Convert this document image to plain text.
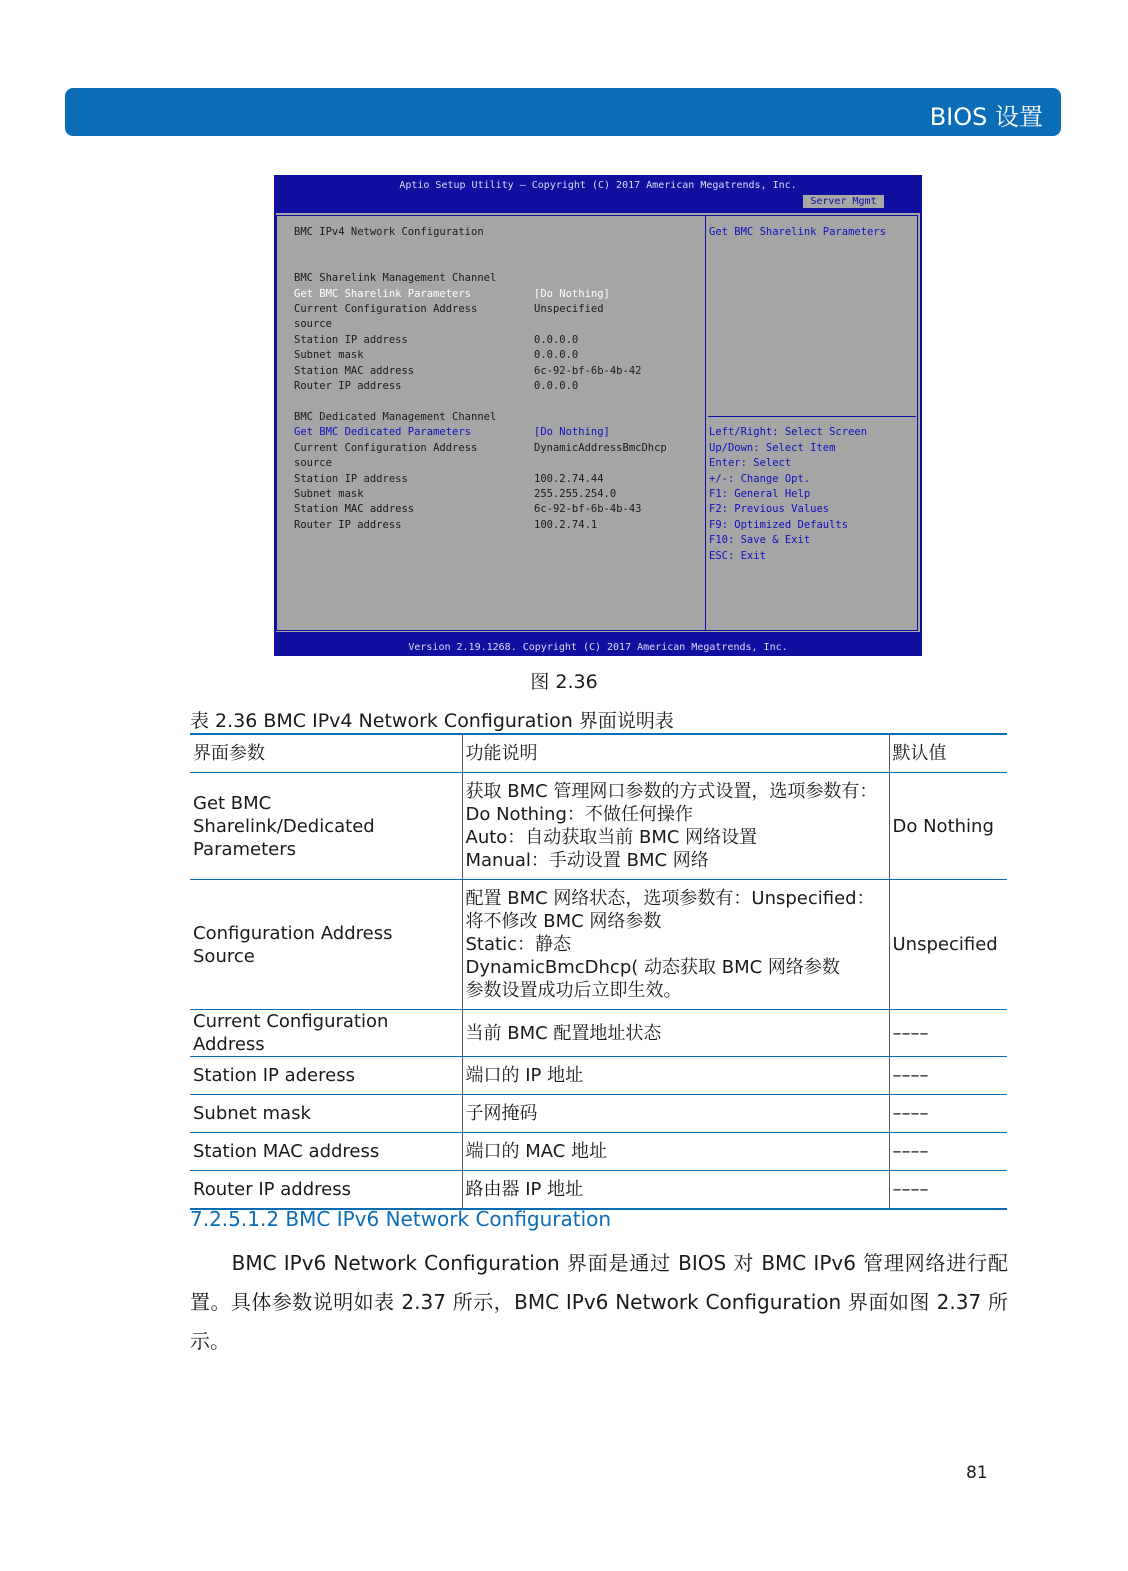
BIOS 设置
Aptio Setup Utility – Copyright (C) 2017 American Megatrends, Inc.
Server Mgmt
Version 2.19.1268. Copyright (C) 2017 American Megatrends, Inc.
BMC IPv4 Network Configuration
BMC Sharelink Management Channel
Get BMC Sharelink Parameters	[Do Nothing]
Current Configuration Address	Unspecified
source
Station IP address	0.0.0.0
Subnet mask	0.0.0.0
Station MAC address	6c-92-bf-6b-4b-42
Router IP address	0.0.0.0
BMC Dedicated Management Channel
Get BMC Dedicated Parameters	[Do Nothing]
Current Configuration Address	DynamicAddressBmcDhcp
source
Station IP address	100.2.74.44
Subnet mask	255.255.254.0
Station MAC address	6c-92-bf-6b-4b-43
Router IP address	100.2.74.1
Get BMC Sharelink Parameters
Left/Right: Select Screen
Up/Down: Select Item
Enter: Select
+/-: Change Opt.
F1: General Help
F2: Previous Values
F9: Optimized Defaults
F10: Save & Exit
ESC: Exit
图 2.36
表 2.36 BMC IPv4 Network Configuration 界面说明表
界面参数	功能说明	默认值

Get BMC Sharelink/Dedicated
Parameters	获取 BMC 管理网口参数的方式设置，选项参数有：
Do Nothing：不做任何操作
Auto：自动获取当前 BMC 网络设置
Manual：手动设置 BMC 网络	Do Nothing

Configuration Address Source	配置 BMC 网络状态，选项参数有：Unspecified：
将不修改 BMC 网络参数
Static：静态
DynamicBmcDhcp( 动态获取 BMC 网络参数
参数设置成功后立即生效。	Unspecified
Current Configuration Address	当前 BMC 配置地址状态	––––
Station IP aderess	端口的 IP 地址	––––
Subnet mask	子网掩码	––––
Station MAC address	端口的 MAC 地址	––––
Router IP address	路由器 IP 地址	––––
7.2.5.1.2 BMC IPv6 Network Configuration
　　BMC IPv6 Network Configuration 界面是通过 BIOS 对 BMC IPv6 管理网络进行配置。具体参数说明如表 2.37 所示，BMC IPv6 Network Configuration 界面如图 2.37 所示。
81
